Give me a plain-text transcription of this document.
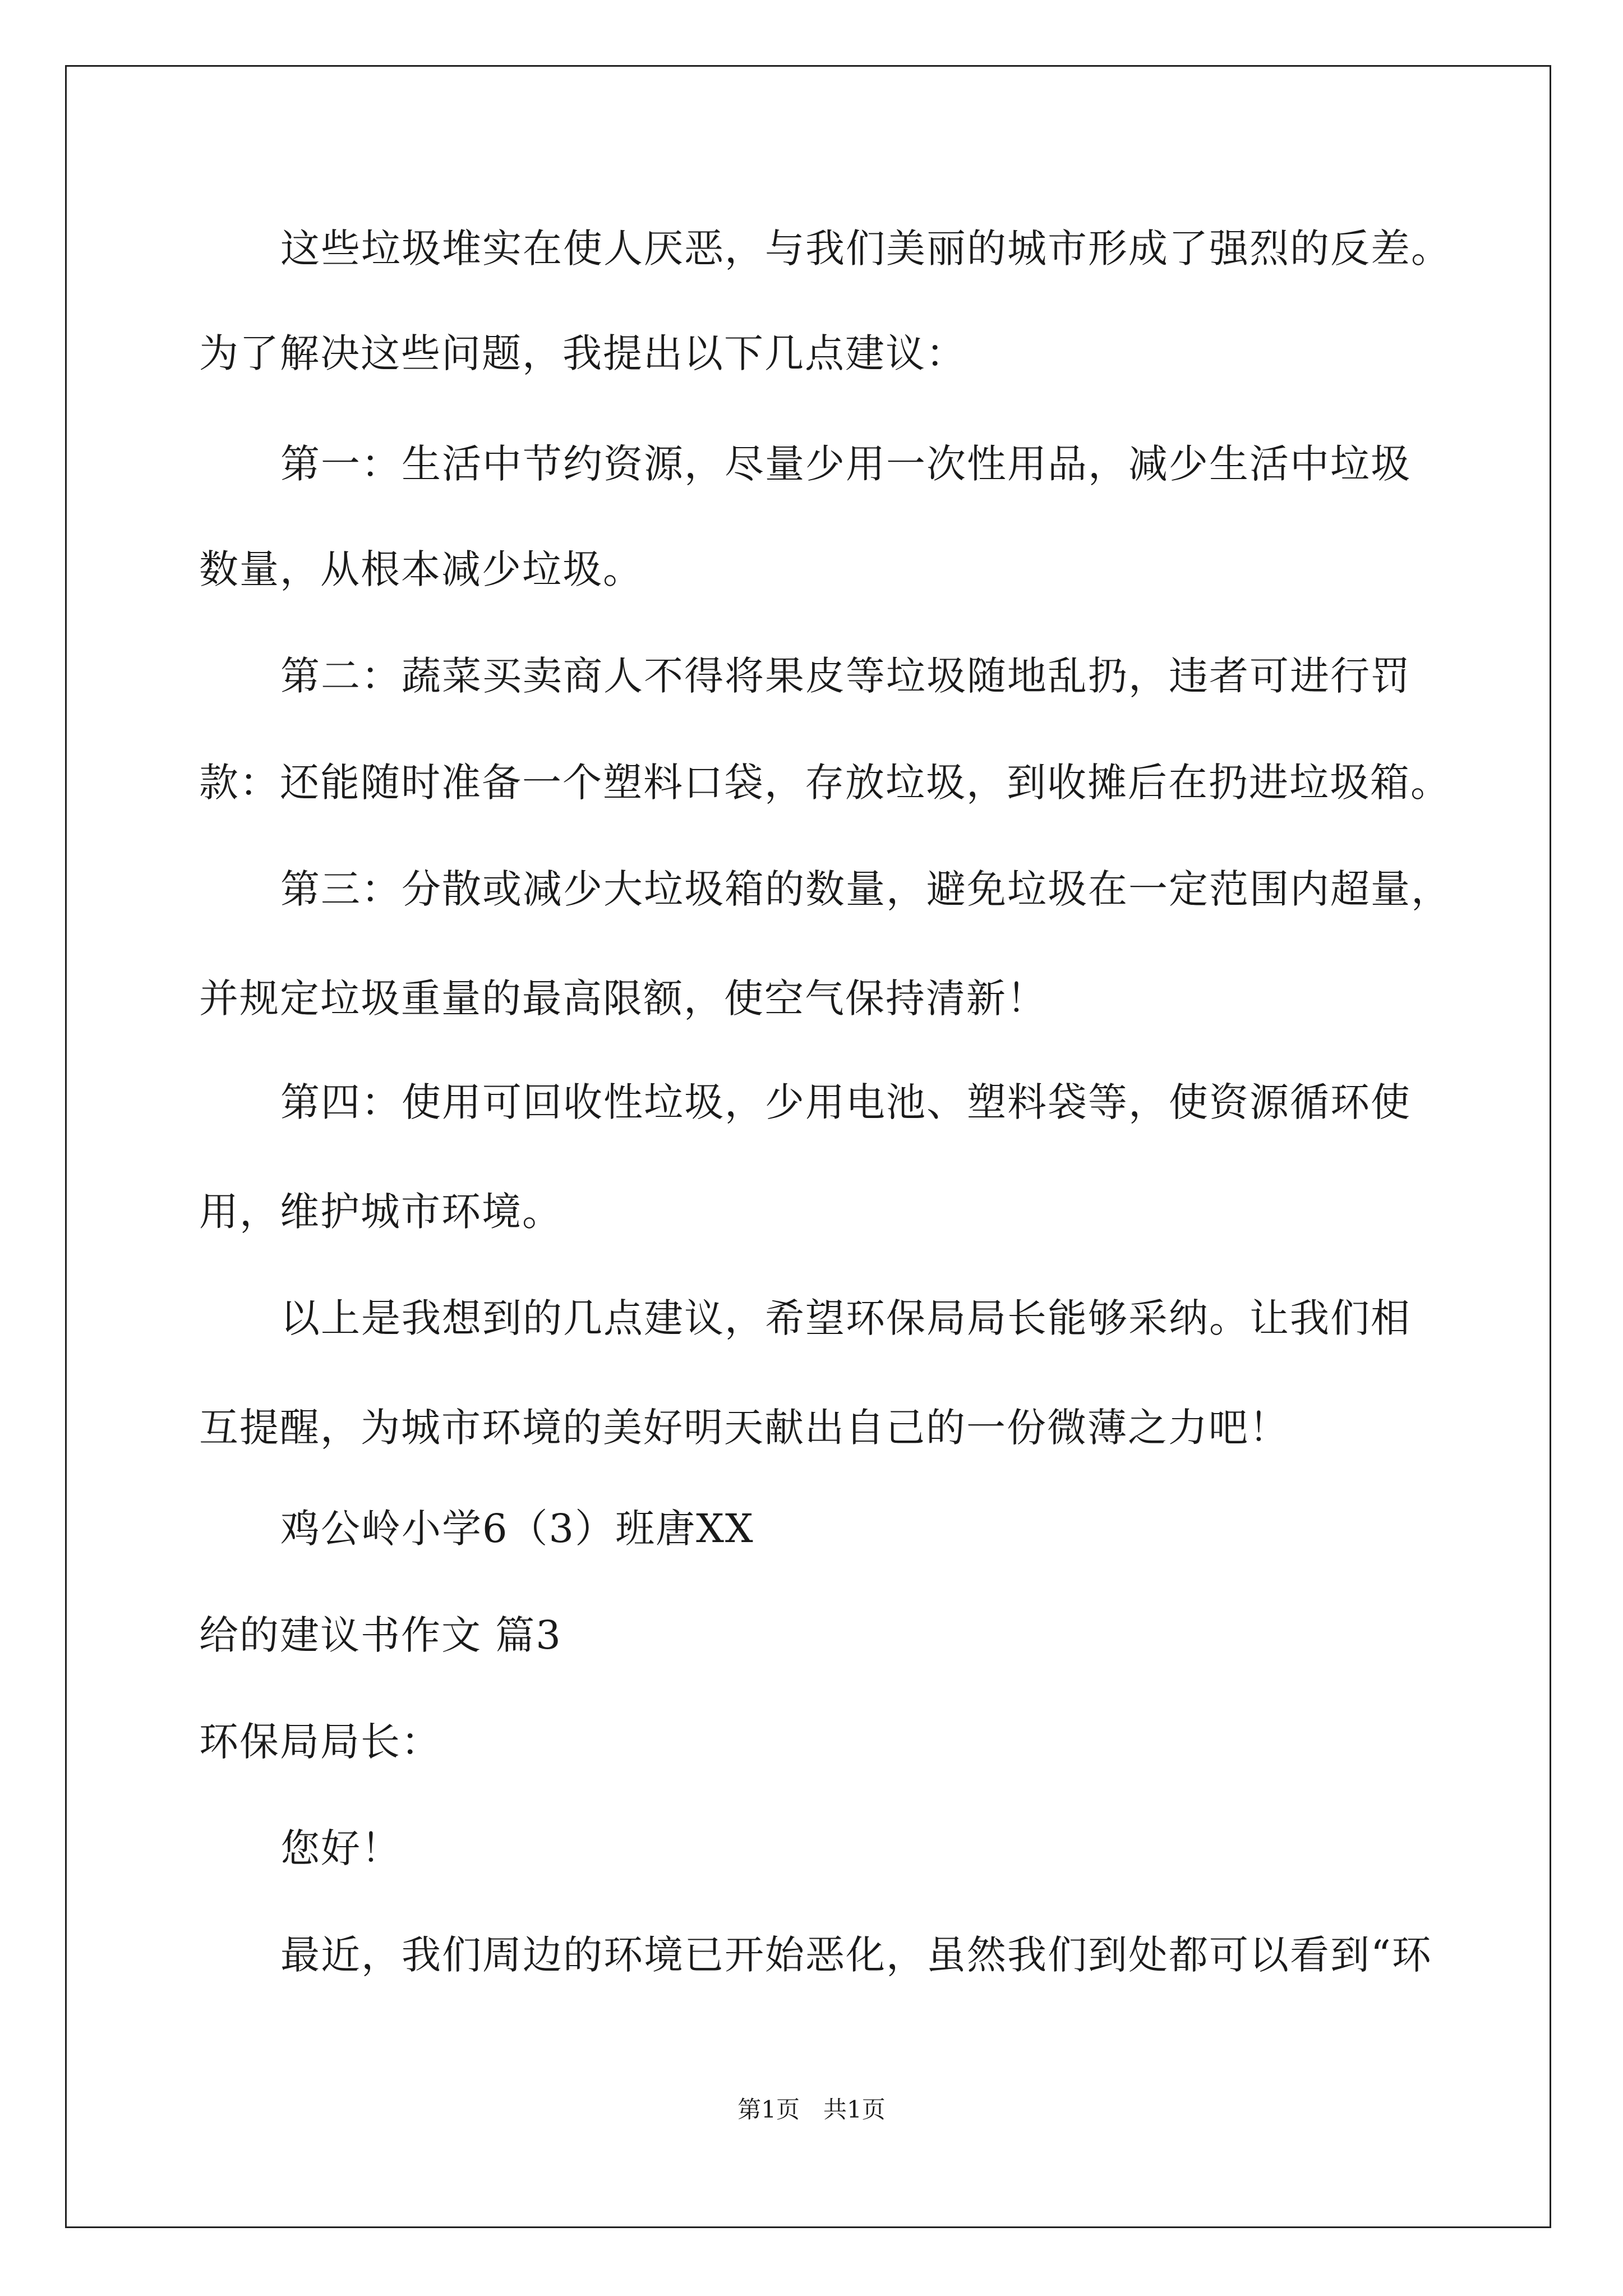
这些垃圾堆实在使人厌恶，与我们美丽的城市形成了强烈的反差。
为了解决这些问题，我提出以下几点建议：
第一：生活中节约资源，尽量少用一次性用品，减少生活中垃圾
数量，从根本减少垃圾。
第二：蔬菜买卖商人不得将果皮等垃圾随地乱扔，违者可进行罚
款：还能随时准备一个塑料口袋，存放垃圾，到收摊后在扔进垃圾箱。
第三：分散或减少大垃圾箱的数量，避免垃圾在一定范围内超量，
并规定垃圾重量的最高限额，使空气保持清新！
第四：使用可回收性垃圾，少用电池、塑料袋等，使资源循环使
用，维护城市环境。
以上是我想到的几点建议，希望环保局局长能够采纳。让我们相
互提醒，为城市环境的美好明天献出自己的一份微薄之力吧！
鸡公岭小学6（3）班唐XX
给的建议书作文 篇3
环保局局长：
您好！
最近，我们周边的环境已开始恶化，虽然我们到处都可以看到“环
第1页　共1页
